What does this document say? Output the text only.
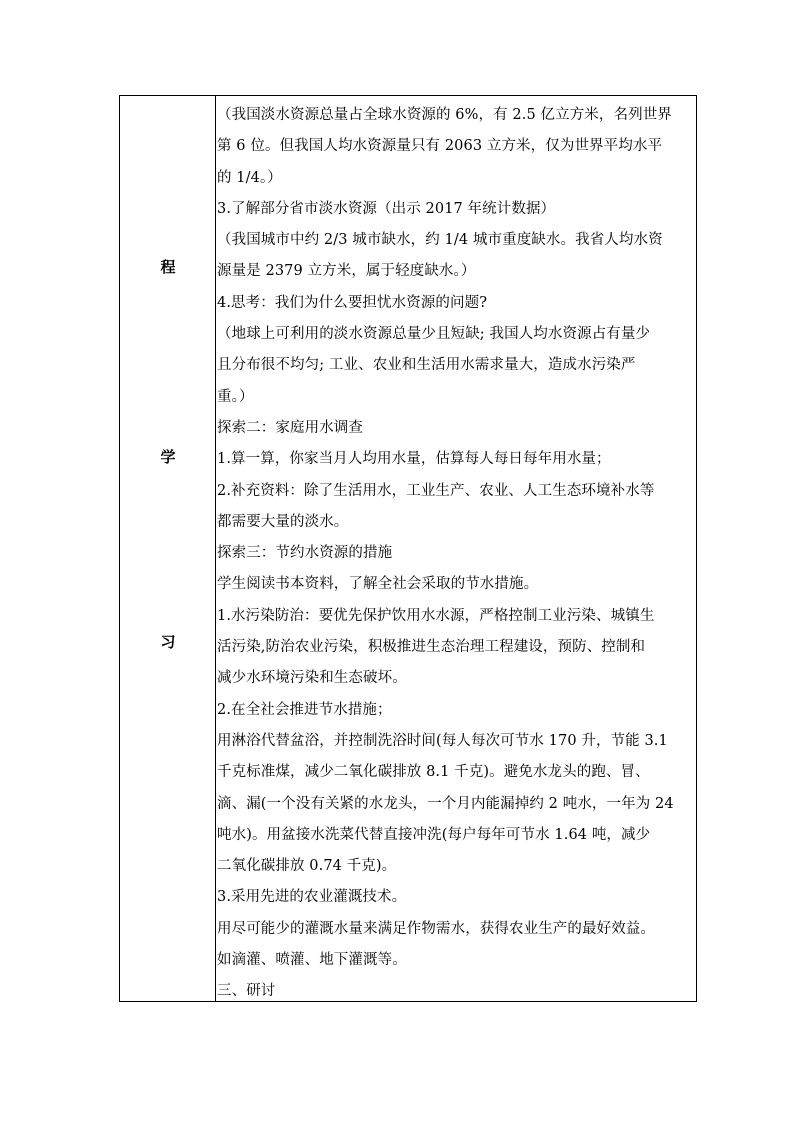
程
学
习
（我国淡水资源总量占全球水资源的 6%，有 2.5 亿立方米，名列世界
第 6 位。但我国人均水资源量只有 2063 立方米，仅为世界平均水平
的 1/4。）
3.了解部分省市淡水资源（出示 2017 年统计数据）
（我国城市中约 2/3 城市缺水，约 1/4 城市重度缺水。我省人均水资
源量是 2379 立方米，属于轻度缺水。）
4.思考：我们为什么要担忧水资源的问题?
（地球上可利用的淡水资源总量少且短缺; 我国人均水资源占有量少
且分布很不均匀; 工业、农业和生活用水需求量大，造成水污染严
重。）
探索二：家庭用水调查
1.算一算，你家当月人均用水量，估算每人每日每年用水量；
2.补充资料：除了生活用水，工业生产、农业、人工生态环境补水等
都需要大量的淡水。
探索三：节约水资源的措施
学生阅读书本资料，了解全社会采取的节水措施。
1.水污染防治：要优先保护饮用水水源，严格控制工业污染、城镇生
活污染,防治农业污染，积极推进生态治理工程建设，预防、控制和
减少水环境污染和生态破坏。
2.在全社会推进节水措施；
用淋浴代替盆浴，并控制洗浴时间(每人每次可节水 170 升，节能 3.1
千克标准煤，减少二氧化碳排放 8.1 千克)。避免水龙头的跑、冒、
滴、漏(一个没有关紧的水龙头，一个月内能漏掉约 2 吨水，一年为 24
吨水)。用盆接水洗菜代替直接冲洗(每户每年可节水 1.64 吨，减少
二氧化碳排放 0.74 千克)。
3.采用先进的农业灌溉技术。
用尽可能少的灌溉水量来满足作物需水，获得农业生产的最好效益。
如滴灌、喷灌、地下灌溉等。
三、研讨
